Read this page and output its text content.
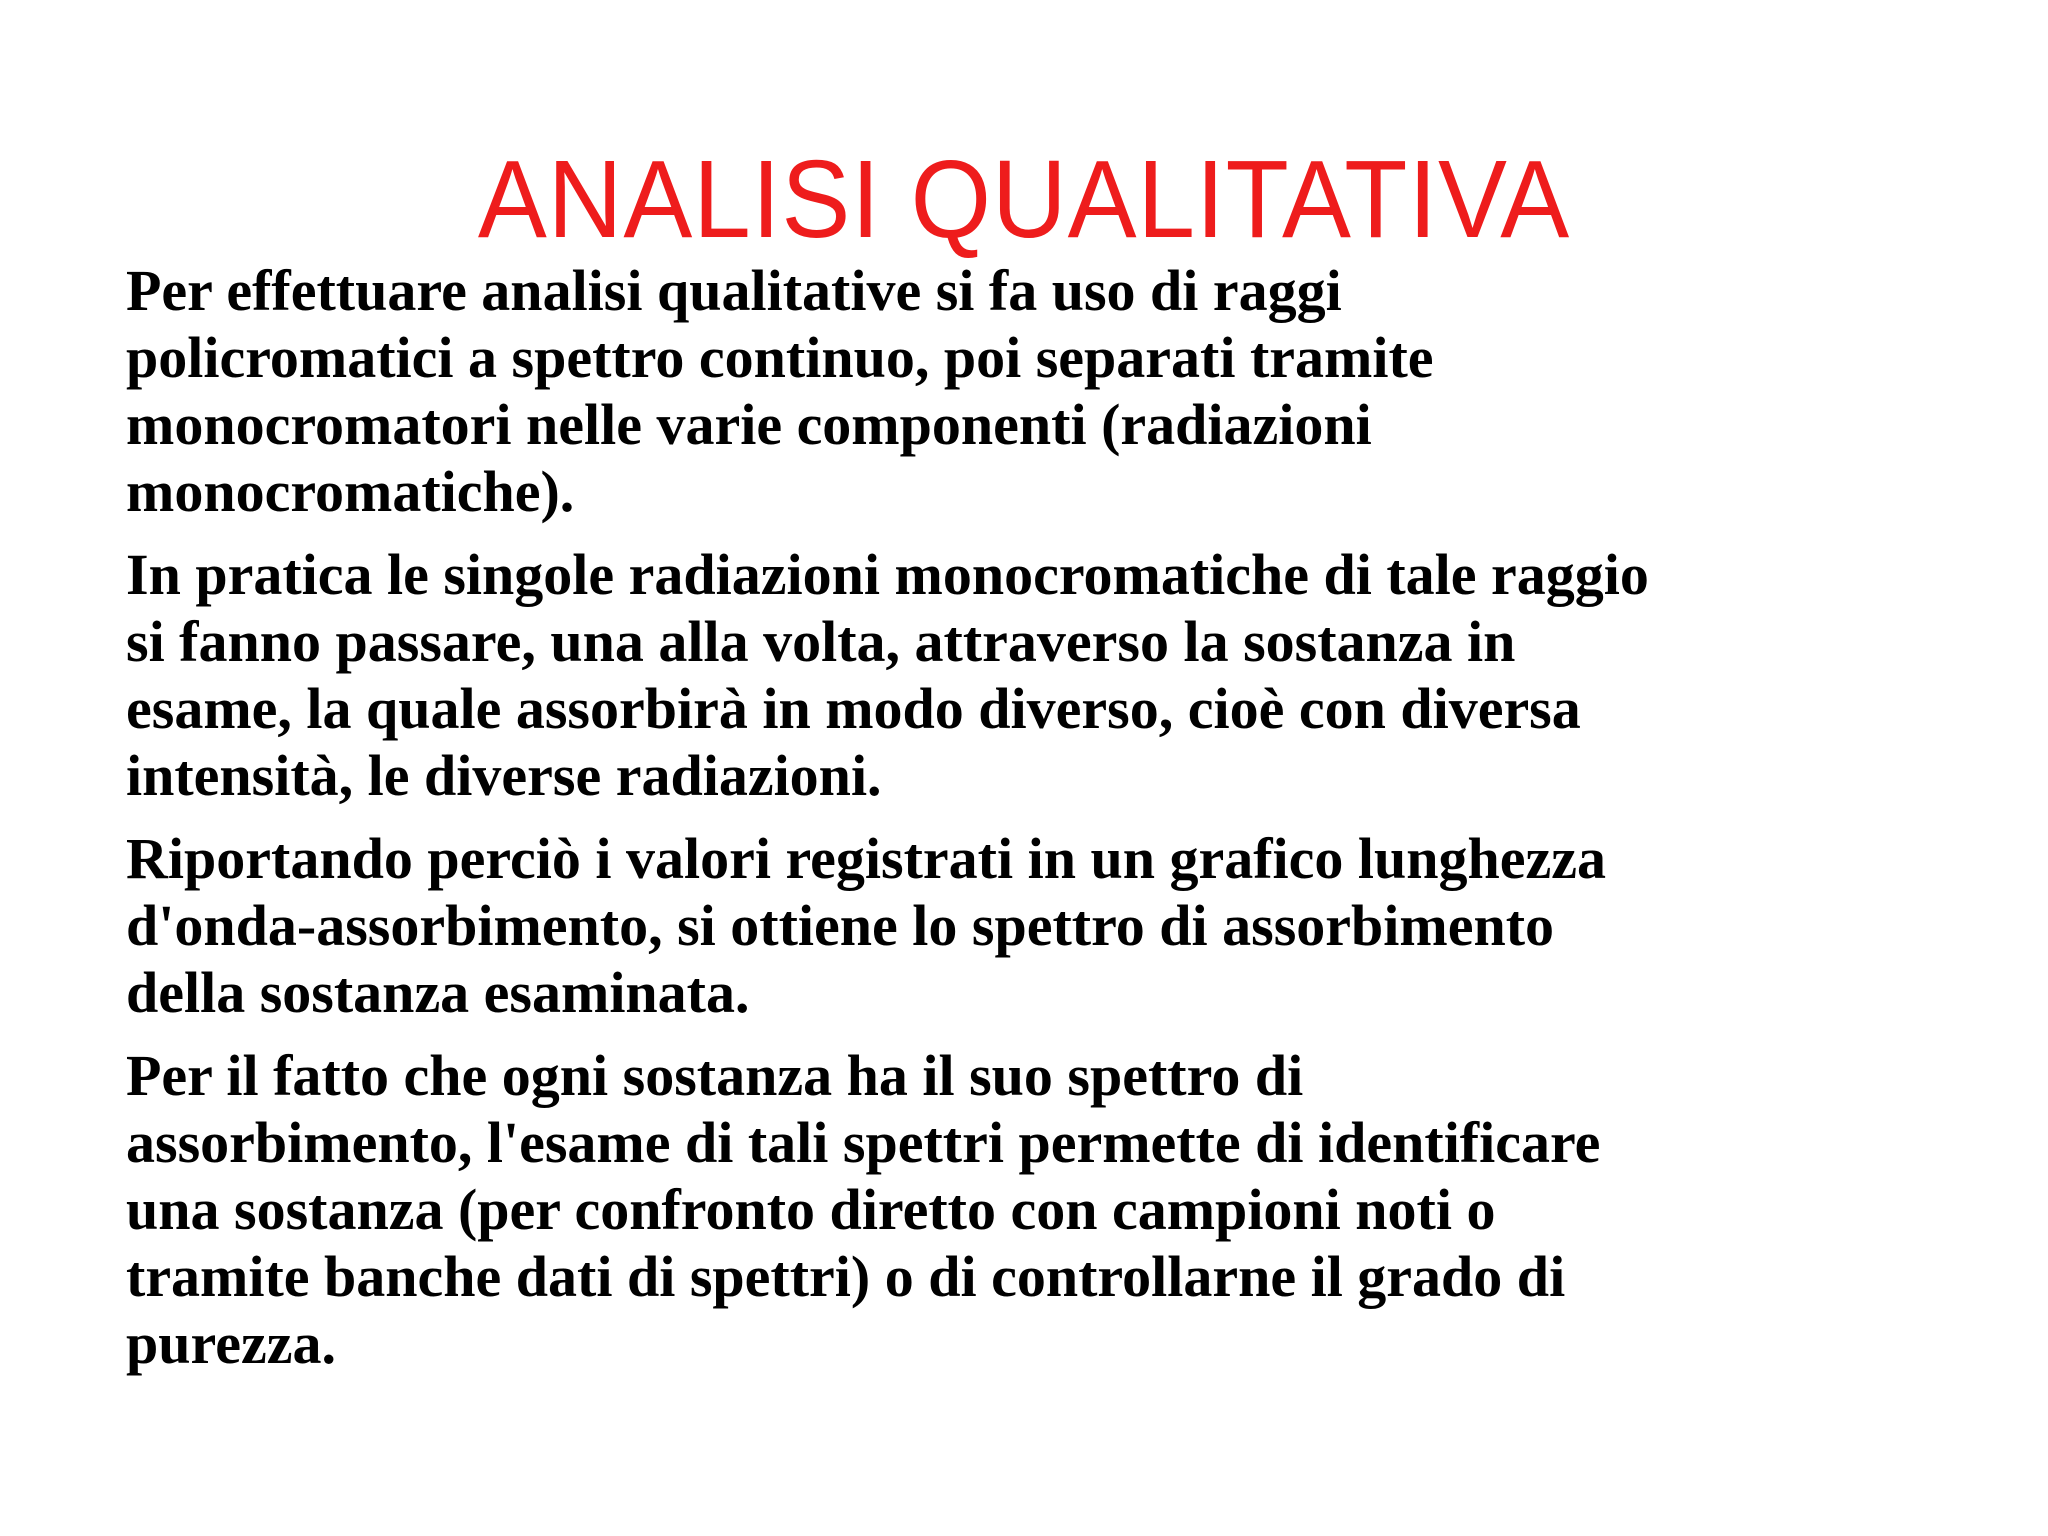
ANALISI QUALITATIVA

Per effettuare analisi qualitative si fa uso di raggi
policromatici a spettro continuo, poi separati tramite
monocromatori nelle varie componenti (radiazioni
monocromatiche).

In pratica le singole radiazioni monocromatiche di tale raggio
si fanno passare, una alla volta, attraverso la sostanza in
esame, la quale assorbirà in modo diverso, cioè con diversa
intensità, le diverse radiazioni.

Riportando perciò i valori registrati in un grafico lunghezza
d'onda-assorbimento, si ottiene lo spettro di assorbimento
della sostanza esaminata.

Per il fatto che ogni sostanza ha il suo spettro di
assorbimento, l'esame di tali spettri permette di identificare
una sostanza (per confronto diretto con campioni noti o
tramite banche dati di spettri) o di controllarne il grado di
purezza.
